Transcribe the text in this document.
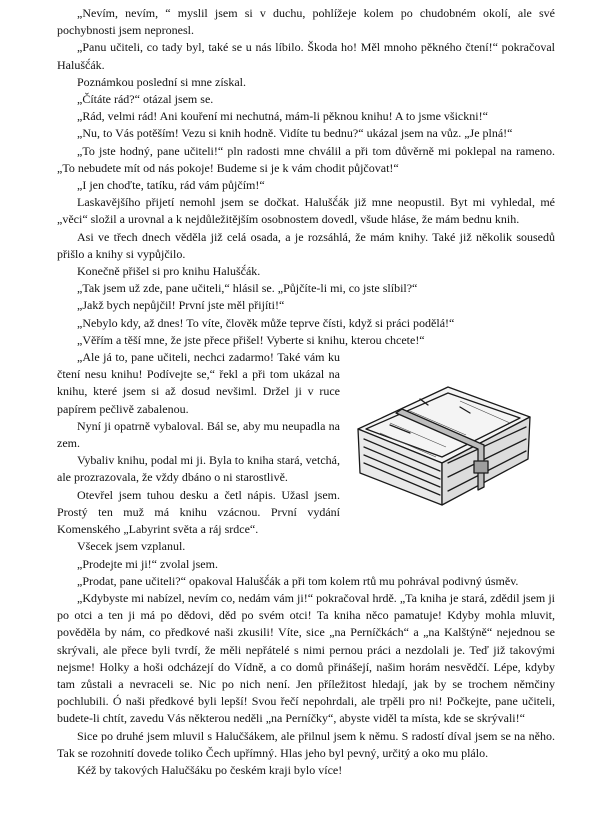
„Nevím, nevím, “ myslil jsem si v duchu, pohlížeje kolem po chudobném okolí, ale své pochybnosti jsem nepronesl.

„Panu učiteli, co tady byl, také se u nás líbilo. Škoda ho! Měl mnoho pěkného čtení!“ pokračoval Halušč́ák.

Poznámkou poslední si mne získal.

„Čítáte rád?“ otázal jsem se.

„Rád, velmi rád! Ani kouření mi nechutná, mám-li pěknou knihu! A to jsme všickni!“

„Nu, to Vás potěším! Vezu si knih hodně. Vidíte tu bednu?“ ukázal jsem na vůz. „Je plná!“

„To jste hodný, pane učiteli!“ pln radosti mne chválil a při tom důvěrně mi poklepal na rameno. „To nebudete mít od nás pokoje! Budeme si je k vám chodit půjčovat!“

„I jen choďte, tatíku, rád vám půjčím!“

Laskavějšího přijetí nemohl jsem se dočkat. Halušč́ák již mne neopustil. Byt mi vyhledal, mé „věci“ složil a urovnal a k nejdůležitějším osobnostem dovedl, všude hláse, že mám bednu knih.

Asi ve třech dnech věděla již celá osada, a je rozsáhlá, že mám knihy. Také již několik sousedů přišlo a knihy si vypůjčilo.

Konečně přišel si pro knihu Halušč́ák.

„Tak jsem už zde, pane učiteli,“ hlásil se. „Půjčíte-li mi, co jste slíbil?“

„Jakž bych nepůjčil! První jste měl přijíti!“

„Nebylo kdy, až dnes! To víte, člověk může teprve čísti, když si práci podělá!“

„Věřím a těší mne, že jste přece přišel! Vyberte si knihu, kterou chcete!“

„Ale já to, pane učiteli, nechci zadarmo! Také vám ku čtení nesu knihu! Podívejte se,“ řekl a při tom ukázal na knihu, které jsem si až dosud nevšiml. Držel ji v ruce papírem pečlivě zabalenou.

Nyní ji opatrně vybaloval. Bál se, aby mu neupadla na zem.

Vybaliv knihu, podal mi ji. Byla to kniha stará, vetchá, ale prozrazovala, že vždy dbáno o ni starostlivě.

Otevřel jsem tuhou desku a četl nápis. Užasl jsem. Prostý ten muž má knihu vzácnou. První vydání Komenského „Labyrint světa a ráj srdce“.

Všecek jsem vzplanul.

„Prodejte mi ji!“ zvolal jsem.

„Prodat, pane učiteli?“ opakoval Halušč́ák a při tom kolem rtů mu pohrával podivný úsměv.

„Kdybyste mi nabízel, nevím co, nedám vám ji!“ pokračoval hrdě. „Ta kniha je stará, zdědil jsem ji po otci a ten ji má po dědovi, děd po svém otci! Ta kniha něco pamatuje! Kdyby mohla mluvit, pověděla by nám, co předkové naši zkusili! Víte, sice „na Perníčkách“ a „na Kalštýně“ nejednou se skrývali, ale přece byli tvrdí, že měli nepřátelé s nimi pernou práci a nezdolali je. Teď již takovými nejsme! Holky a hoši odcházejí do Vídně, a co domů přinášejí, našim horám nesvědčí. Lépe, kdyby tam zůstali a nevraceli se. Nic po nich není. Jen příležitost hledají, jak by se trochem němčiny pochlubili. Ó naši předkové byli lepší! Svou řečí nepohrdali, ale trpěli pro ni! Počkejte, pane učiteli, budete-li chtít, zavedu Vás některou neděli „na Perníčky“, abyste viděl ta místa, kde se skrývali!“

Sice po druhé jsem mluvil s Halučšákem, ale přilnul jsem k němu. S radostí díval jsem se na něho. Tak se rozohnití dovede toliko Čech upřímný. Hlas jeho byl pevný, určitý a oko mu plálo.

Kéž by takových Halučšáku po českém kraji bylo více!
